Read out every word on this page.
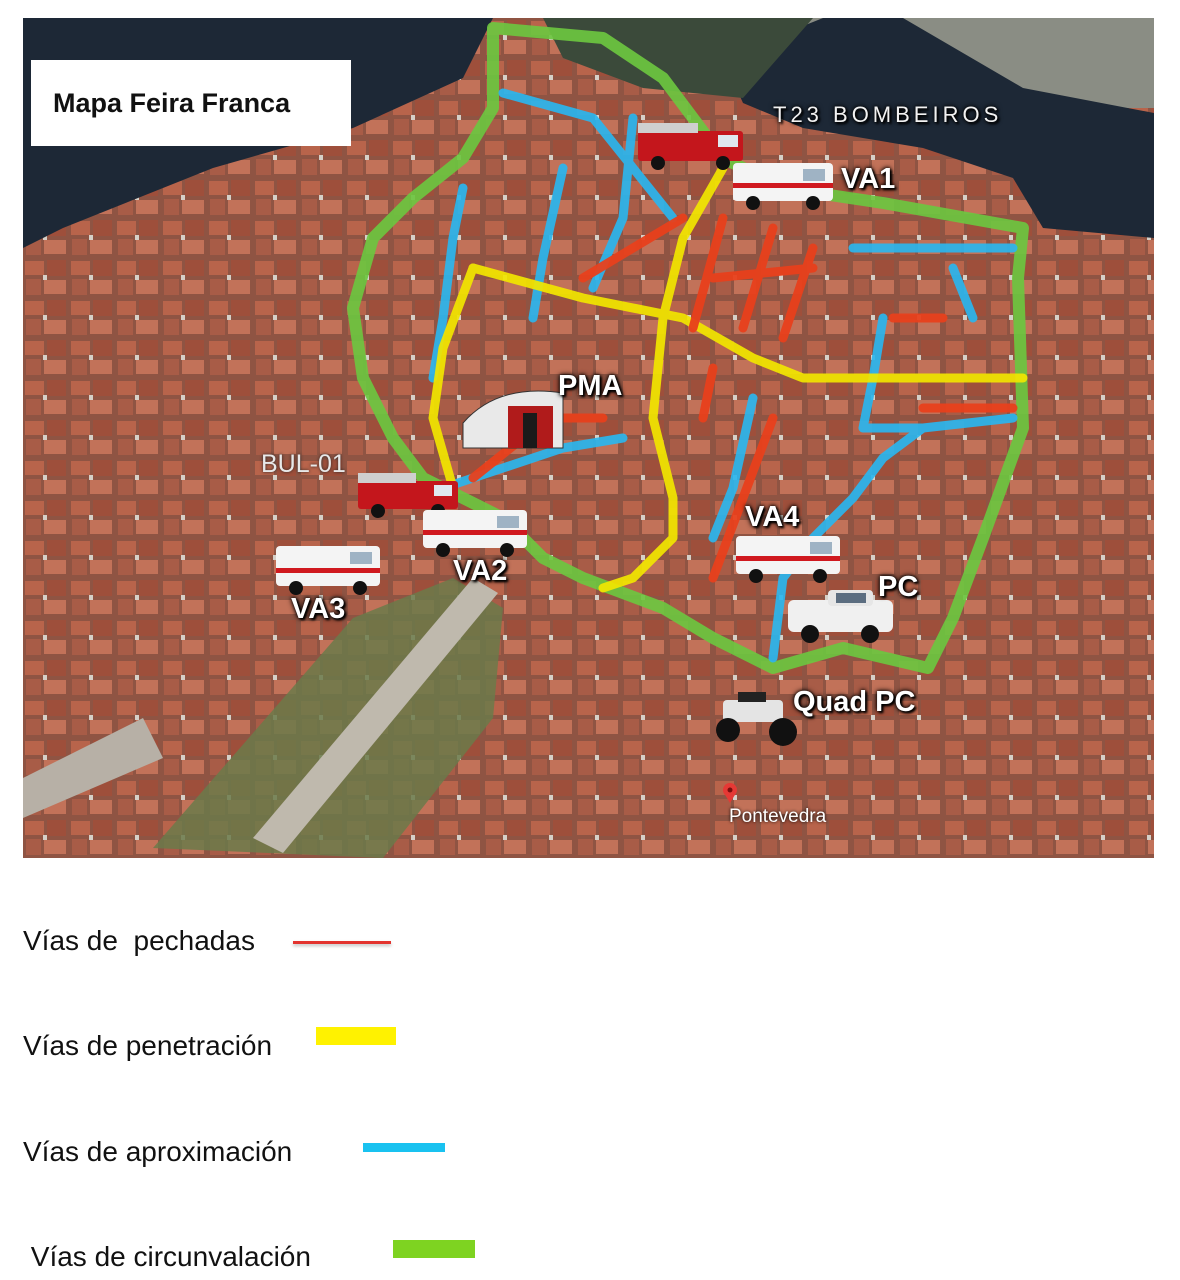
Mapa Feira Franca	T23 BOMBEIROS
VA1
PMA
BUL-01
VA4
VA2	PC
VA3
Quad PC
Pontevedra
Vías de  pechadas
Vías de penetración
Vías de aproximación
Vías de circunvalación
